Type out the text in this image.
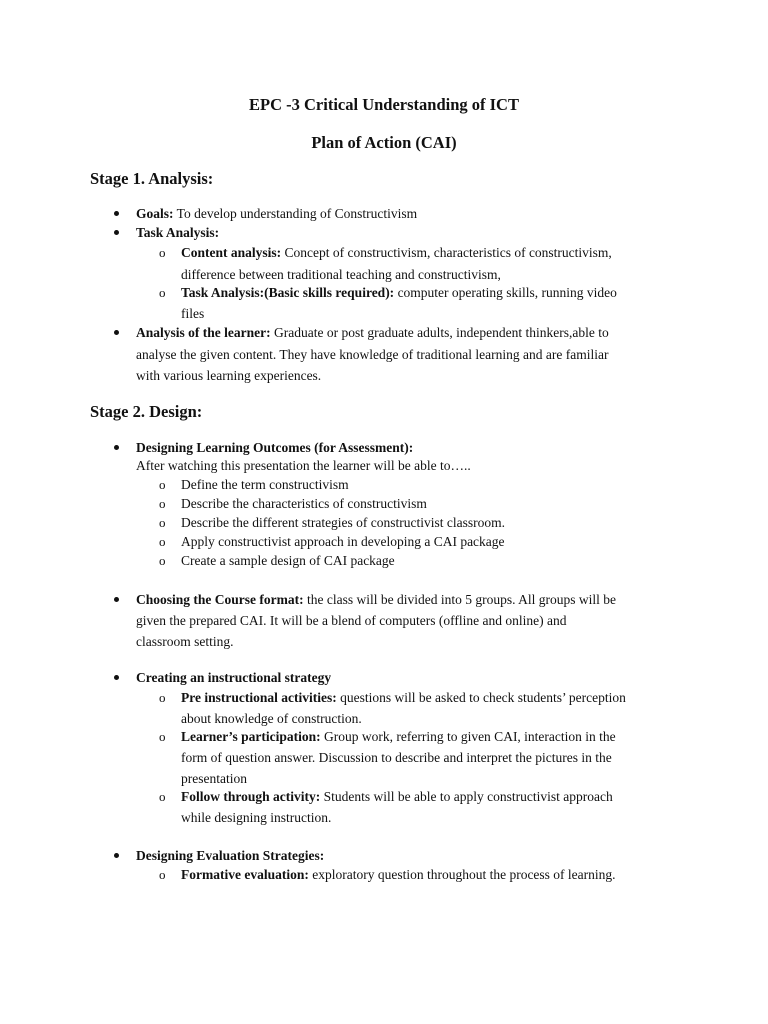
EPC -3 Critical Understanding of ICT
Plan of Action (CAI)
Stage 1. Analysis:
Goals: To develop understanding of Constructivism
Task Analysis:
o Content analysis: Concept of constructivism, characteristics of constructivism,
difference between traditional teaching and constructivism,
o Task Analysis:(Basic skills required): computer operating skills, running video
files
Analysis of the learner: Graduate or post graduate adults, independent thinkers,able to
analyse the given content. They have knowledge of traditional learning and are familiar
with various learning experiences.
Stage 2. Design:
Designing Learning Outcomes (for Assessment):
After watching this presentation the learner will be able to…..
o Define the term constructivism
o Describe the characteristics of constructivism
o Describe the different strategies of constructivist classroom.
o Apply constructivist approach in developing a CAI package
o Create a sample design of CAI package
Choosing the Course format: the class will be divided into 5 groups. All groups will be
given the prepared CAI. It will be a blend of computers (offline and online) and
classroom setting.
Creating an instructional strategy
o Pre instructional activities: questions will be asked to check students’ perception
about knowledge of construction.
o Learner’s participation: Group work, referring to given CAI, interaction in the
form of question answer. Discussion to describe and interpret the pictures in the
presentation
o Follow through activity: Students will be able to apply constructivist approach
while designing instruction.
Designing Evaluation Strategies:
o Formative evaluation: exploratory question throughout the process of learning.
